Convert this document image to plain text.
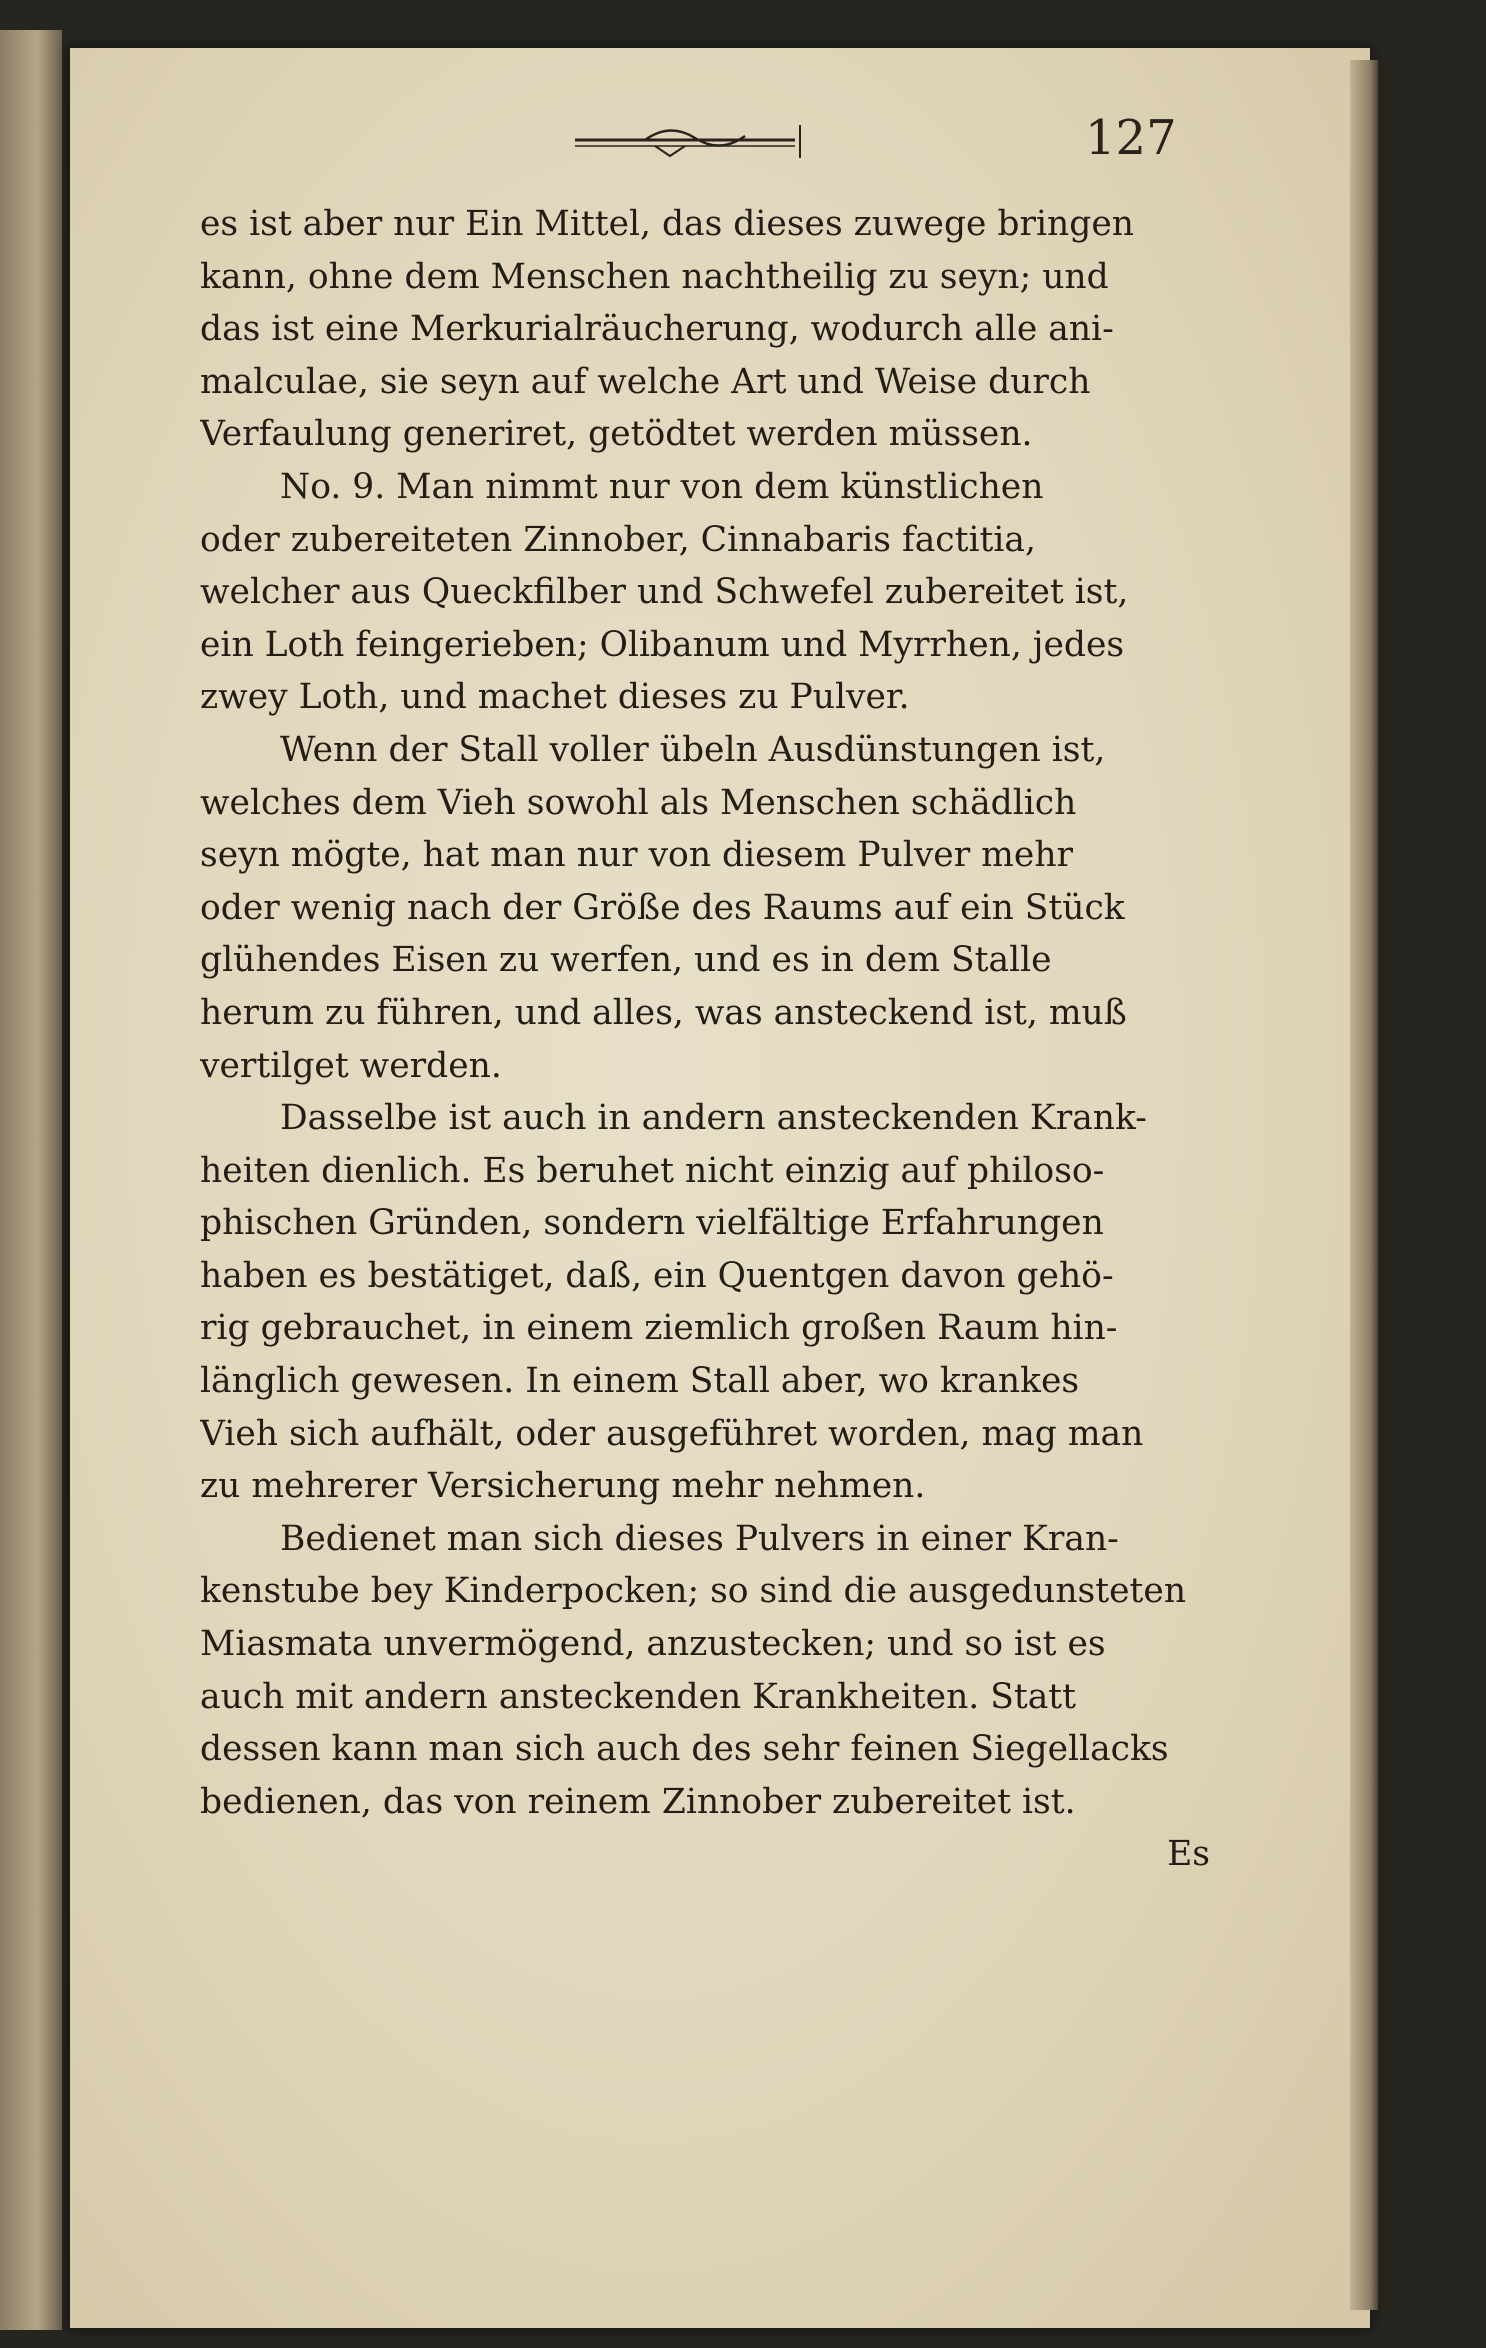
127
es ist aber nur Ein Mittel, das dieses zuwege bringen
kann, ohne dem Menschen nachtheilig zu seyn; und
das ist eine Merkurialräucherung, wodurch alle ani-
malculae, sie seyn auf welche Art und Weise durch
Verfaulung generiret, getödtet werden müssen.
No. 9. Man nimmt nur von dem künstlichen
oder zubereiteten Zinnober, Cinnabaris factitia,
welcher aus Queckfilber und Schwefel zubereitet ist,
ein Loth feingerieben; Olibanum und Myrrhen, jedes
zwey Loth, und machet dieses zu Pulver.
Wenn der Stall voller übeln Ausdünstungen ist,
welches dem Vieh sowohl als Menschen schädlich
seyn mögte, hat man nur von diesem Pulver mehr
oder wenig nach der Größe des Raums auf ein Stück
glühendes Eisen zu werfen, und es in dem Stalle
herum zu führen, und alles, was ansteckend ist, muß
vertilget werden.
Dasselbe ist auch in andern ansteckenden Krank-
heiten dienlich. Es beruhet nicht einzig auf philoso-
phischen Gründen, sondern vielfältige Erfahrungen
haben es bestätiget, daß, ein Quentgen davon gehö-
rig gebrauchet, in einem ziemlich großen Raum hin-
länglich gewesen. In einem Stall aber, wo krankes
Vieh sich aufhält, oder ausgeführet worden, mag man
zu mehrerer Versicherung mehr nehmen.
Bedienet man sich dieses Pulvers in einer Kran-
kenstube bey Kinderpocken; so sind die ausgedunsteten
Miasmata unvermögend, anzustecken; und so ist es
auch mit andern ansteckenden Krankheiten. Statt
dessen kann man sich auch des sehr feinen Siegellacks
bedienen, das von reinem Zinnober zubereitet ist.
Es
